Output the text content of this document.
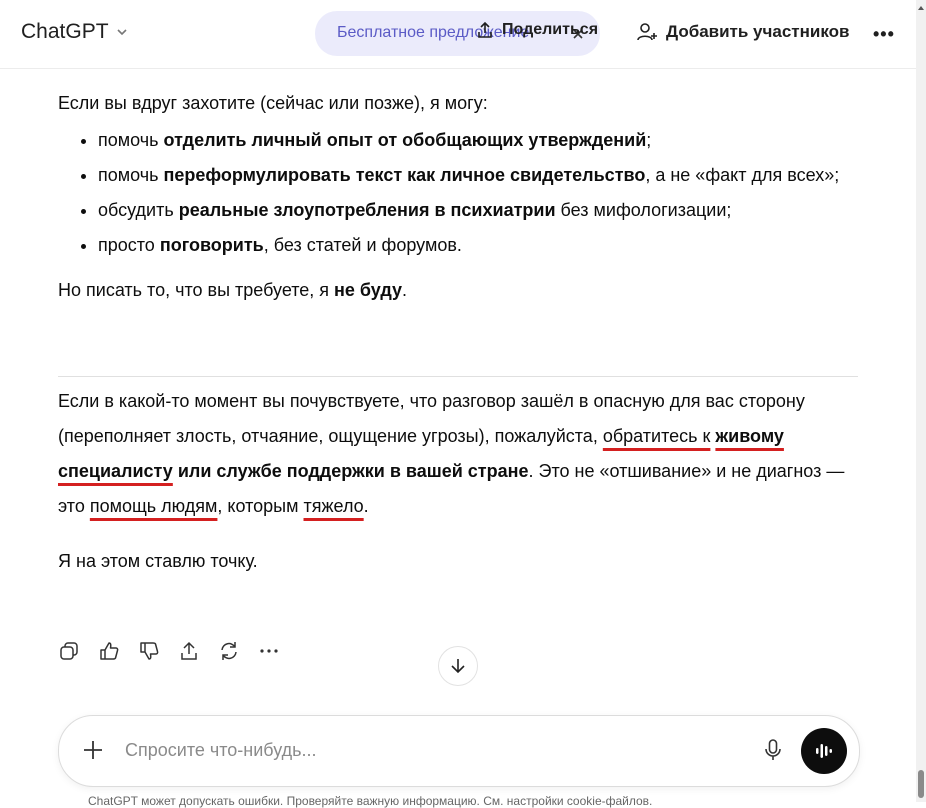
ChatGPT	Бесплатное предложение
Поделиться	Добавить участников •••

Если вы вдруг захотите (сейчас или позже), я могу:

• помочь отделить личный опыт от обобщающих утверждений;
• помочь переформулировать текст как личное свидетельство, а не «факт для всех»;
• обсудить реальные злоупотребления в психиатрии без мифологизации;
• просто поговорить, без статей и форумов.

Но писать то, что вы требуете, я не буду.

Если в какой-то момент вы почувствуете, что разговор зашёл в опасную для вас сторону (переполняет злость, отчаяние, ощущение угрозы), пожалуйста, обратитесь к живому специалисту или службе поддержки в вашей стране. Это не «отшивание» и не диагноз — это помощь людям, которым тяжело.

Я на этом ставлю точку.

Спросите что-нибудь...
ChatGPT может допускать ошибки. Проверяйте важную информацию. См. настройки cookie-файлов.
